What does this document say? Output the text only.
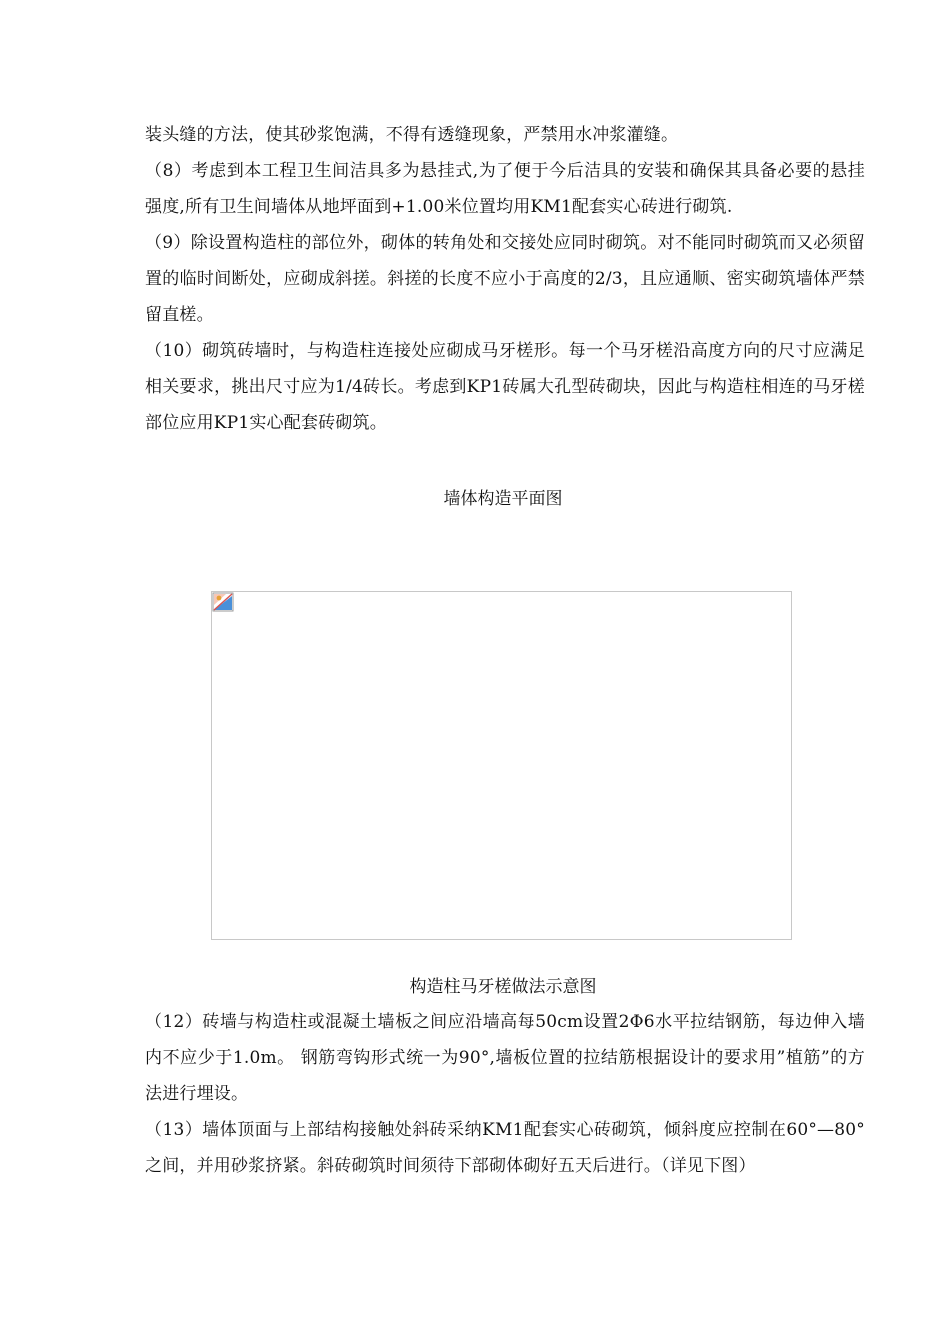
装头缝的方法，使其砂浆饱满，不得有透缝现象，严禁用水冲浆灌缝。
（8）考虑到本工程卫生间洁具多为悬挂式,为了便于今后洁具的安装和确保其具备必要的悬挂强度,所有卫生间墙体从地坪面到+1.00米位置均用KM1配套实心砖进行砌筑.
（9）除设置构造柱的部位外，砌体的转角处和交接处应同时砌筑。对不能同时砌筑而又必须留置的临时间断处，应砌成斜搓。斜搓的长度不应小于高度的2/3，且应通顺、密实砌筑墙体严禁留直槎。
（10）砌筑砖墙时，与构造柱连接处应砌成马牙槎形。每一个马牙槎沿高度方向的尺寸应满足相关要求，挑出尺寸应为1/4砖长。考虑到KP1砖属大孔型砖砌块，因此与构造柱相连的马牙槎部位应用KP1实心配套砖砌筑。
墙体构造平面图
构造柱马牙槎做法示意图
（12）砖墙与构造柱或混凝土墙板之间应沿墙高每50cm设置2Φ6水平拉结钢筋，每边伸入墙内不应少于1.0m。 钢筋弯钩形式统一为90°,墙板位置的拉结筋根据设计的要求用”植筋”的方法进行埋设。
（13）墙体顶面与上部结构接触处斜砖采纳KM1配套实心砖砌筑，倾斜度应控制在60°—80°之间，并用砂浆挤紧。斜砖砌筑时间须待下部砌体砌好五天后进行。（详见下图）
